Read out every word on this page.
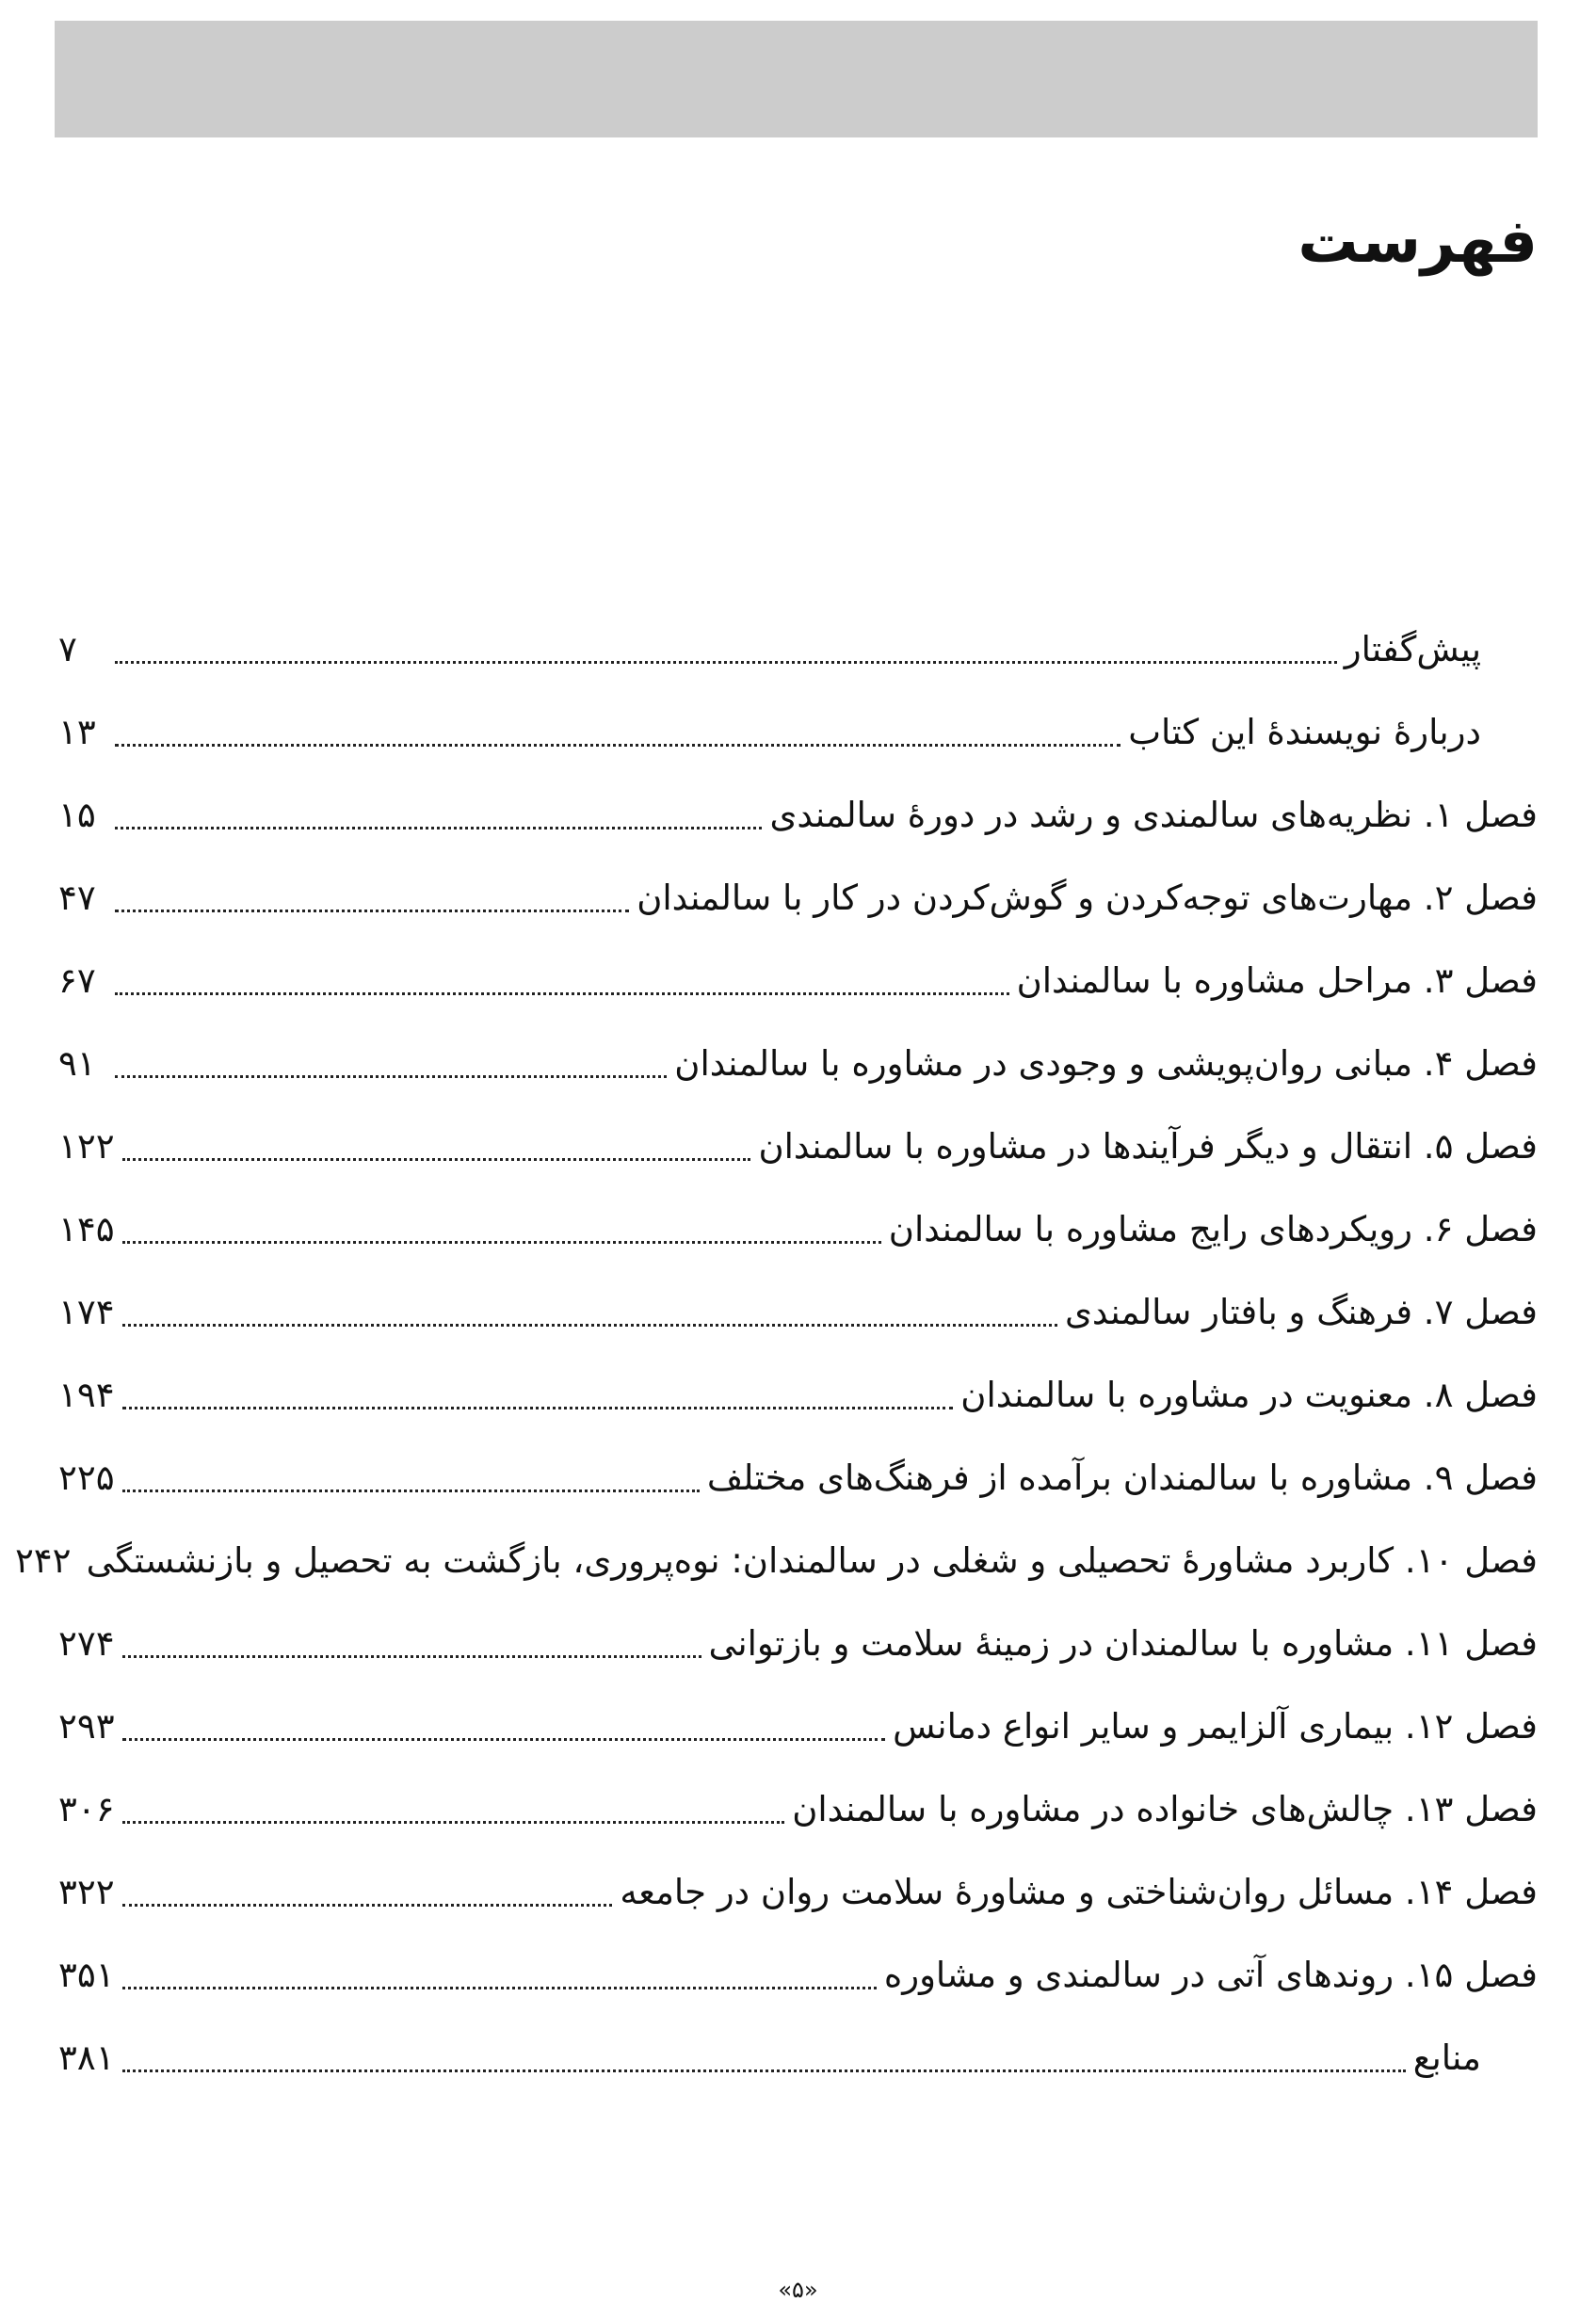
فهرست
پیش‌گفتار
۷
دربارۀ نویسندۀ این کتاب
۱۳
فصل ۱. نظریه‌های سالمندی و رشد در دورۀ سالمندی
۱۵
فصل ۲. مهارت‌های توجه‌کردن و گوش‌کردن در کار با سالمندان
۴۷
فصل ۳. مراحل مشاوره با سالمندان
۶۷
فصل ۴. مبانی روان‌پویشی و وجودی در مشاوره با سالمندان
۹۱
فصل ۵. انتقال و دیگر فرآیندها در مشاوره با سالمندان
۱۲۲
فصل ۶. رویکردهای رایج مشاوره با سالمندان
۱۴۵
فصل ۷. فرهنگ و بافتار سالمندی
۱۷۴
فصل ۸. معنویت در مشاوره با سالمندان
۱۹۴
فصل ۹. مشاوره با سالمندان برآمده از فرهنگ‌های مختلف
۲۲۵
فصل ۱۰. کاربرد مشاورۀ تحصیلی و شغلی در سالمندان: نوه‌پروری، بازگشت به تحصیل و بازنشستگی
۲۴۲
فصل ۱۱. مشاوره با سالمندان در زمینۀ سلامت و بازتوانی
۲۷۴
فصل ۱۲. بیماری آلزایمر و سایر انواع دمانس
۲۹۳
فصل ۱۳. چالش‌های خانواده در مشاوره با سالمندان
۳۰۶
فصل ۱۴. مسائل روان‌شناختی و مشاورۀ سلامت روان در جامعه
۳۲۲
فصل ۱۵. روندهای آتی در سالمندی و مشاوره
۳۵۱
منابع
۳۸۱
«۵»
